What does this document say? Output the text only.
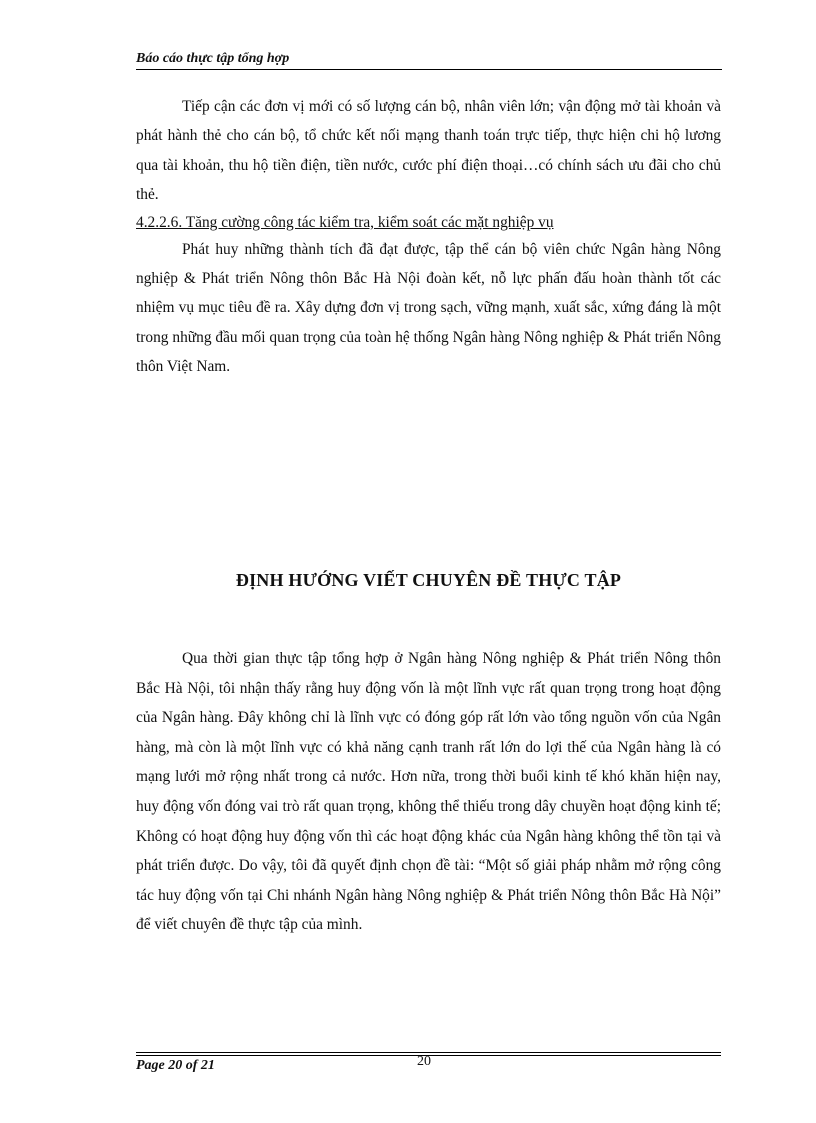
Báo cáo thực tập tổng hợp

Tiếp cận các đơn vị mới có số lượng cán bộ, nhân viên lớn; vận động mở tài khoản và phát hành thẻ cho cán bộ, tổ chức kết nối mạng thanh toán trực tiếp, thực hiện chi hộ lương qua tài khoản, thu hộ tiền điện, tiền nước, cước phí điện thoại…có chính sách ưu đãi cho chủ thẻ.

4.2.2.6. Tăng cường công tác kiểm tra, kiểm soát các mặt nghiệp vụ

Phát huy những thành tích đã đạt được, tập thể cán bộ viên chức Ngân hàng Nông nghiệp & Phát triển Nông thôn Bắc Hà Nội đoàn kết, nỗ lực phấn đấu hoàn thành tốt các nhiệm vụ mục tiêu đề ra. Xây dựng đơn vị trong sạch, vững mạnh, xuất sắc, xứng đáng là một trong những đầu mối quan trọng của toàn hệ thống Ngân hàng Nông nghiệp & Phát triển Nông thôn Việt Nam.

ĐỊNH HƯỚNG VIẾT CHUYÊN ĐỀ THỰC TẬP

Qua thời gian thực tập tổng hợp ở Ngân hàng Nông nghiệp & Phát triển Nông thôn Bắc Hà Nội, tôi nhận thấy rằng huy động vốn là một lĩnh vực rất quan trọng trong hoạt động của Ngân hàng. Đây không chỉ là lĩnh vực có đóng góp rất lớn vào tổng nguồn vốn của Ngân hàng, mà còn là một lĩnh vực có khả năng cạnh tranh rất lớn do lợi thế của Ngân hàng là có mạng lưới mở rộng nhất trong cả nước. Hơn nữa, trong thời buổi kinh tế khó khăn hiện nay, huy động vốn đóng vai trò rất quan trọng, không thể thiếu trong dây chuyền hoạt động kinh tế; Không có hoạt động huy động vốn thì các hoạt động khác của Ngân hàng không thể tồn tại và phát triển được. Do vậy, tôi đã quyết định chọn đề tài: “Một số giải pháp nhằm mở rộng công tác huy động vốn tại Chi nhánh Ngân hàng Nông nghiệp & Phát triển Nông thôn Bắc Hà Nội” để viết chuyên đề thực tập của mình.

Page 20 of 21	20
